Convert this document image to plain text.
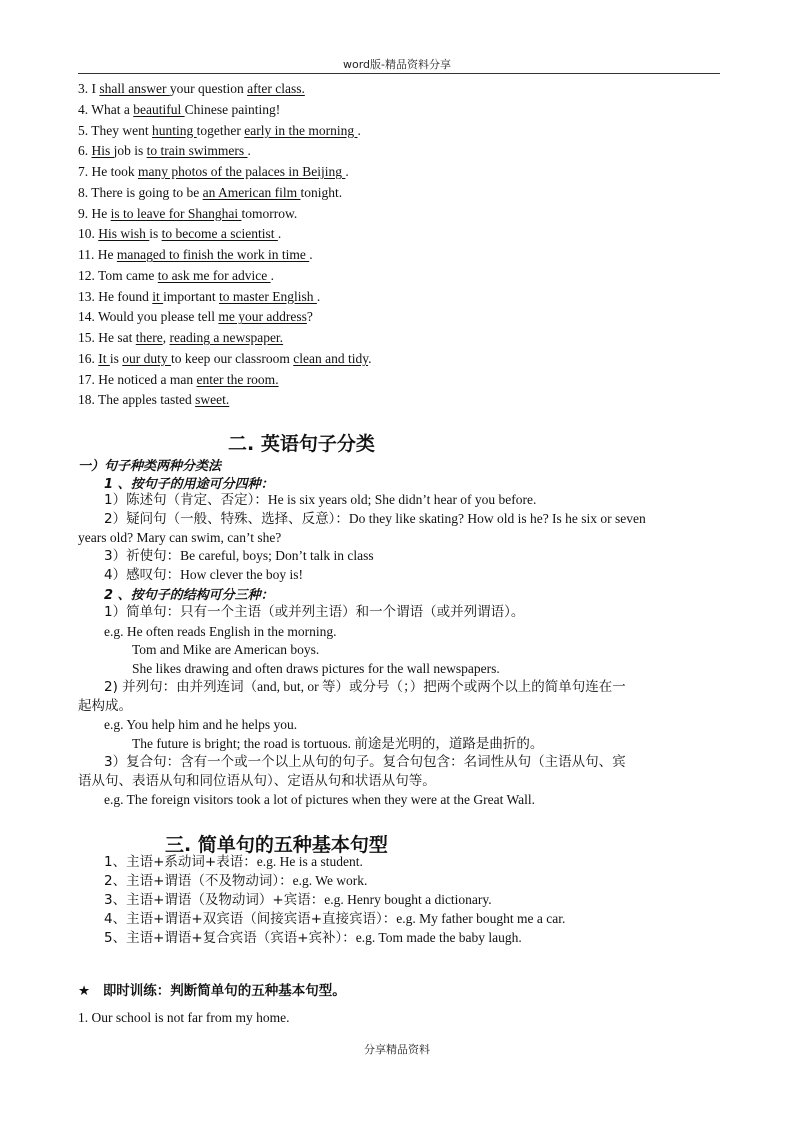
word版-精品资料分享
3. I shall answer your question after class.
4. What a beautiful Chinese painting!
5. They went hunting together early in the morning .
6. His job is to train swimmers .
7. He took many photos of the palaces in Beijing .
8. There is going to be an American film tonight.
9. He is to leave for Shanghai tomorrow.
10. His wish is to become a scientist .
11. He managed to finish the work in time .
12. Tom came to ask me for advice .
13. He found it important to master English .
14. Would you please tell me your address?
15. He sat there, reading a newspaper.
16. It is our duty to keep our classroom clean and tidy.
17. He noticed a man enter the room.
18. The apples tasted sweet.
二. 英语句子分类
一）句子种类两种分类法
1 、按句子的用途可分四种：
1）陈述句（肯定、否定）：He is six years old; She didn’t hear of you before.
2）疑问句（一般、特殊、选择、反意）：Do they like skating? How old is he? Is he six or seven
years old? Mary can swim, can’t she?
3）祈使句：Be careful, boys; Don’t talk in class
4）感叹句：How clever the boy is!
2 、按句子的结构可分三种：
1）简单句：只有一个主语（或并列主语）和一个谓语（或并列谓语）。
e.g. He often reads English in the morning.
Tom and Mike are American boys.
She likes drawing and often draws pictures for the wall newspapers.
2) 并列句：由并列连词（and, but, or 等）或分号（；）把两个或两个以上的简单句连在一
起构成。
e.g. You help him and he helps you.
The future is bright; the road is tortuous. 前途是光明的，道路是曲折的。
3）复合句：含有一个或一个以上从句的句子。复合句包含：名词性从句（主语从句、宾
语从句、表语从句和同位语从句）、定语从句和状语从句等。
e.g. The foreign visitors took a lot of pictures when they were at the Great Wall.
三. 简单句的五种基本句型
1、主语+系动词+表语：e.g. He is a student.
2、主语+谓语（不及物动词）：e.g. We work.
3、主语+谓语（及物动词）+宾语：e.g. Henry bought a dictionary.
4、主语+谓语+双宾语（间接宾语+直接宾语）：e.g. My father bought me a car.
5、主语+谓语+复合宾语（宾语+宾补）：e.g. Tom made the baby laugh.
★ 即时训练：判断简单句的五种基本句型。
1. Our school is not far from my home.
分享精品资料
